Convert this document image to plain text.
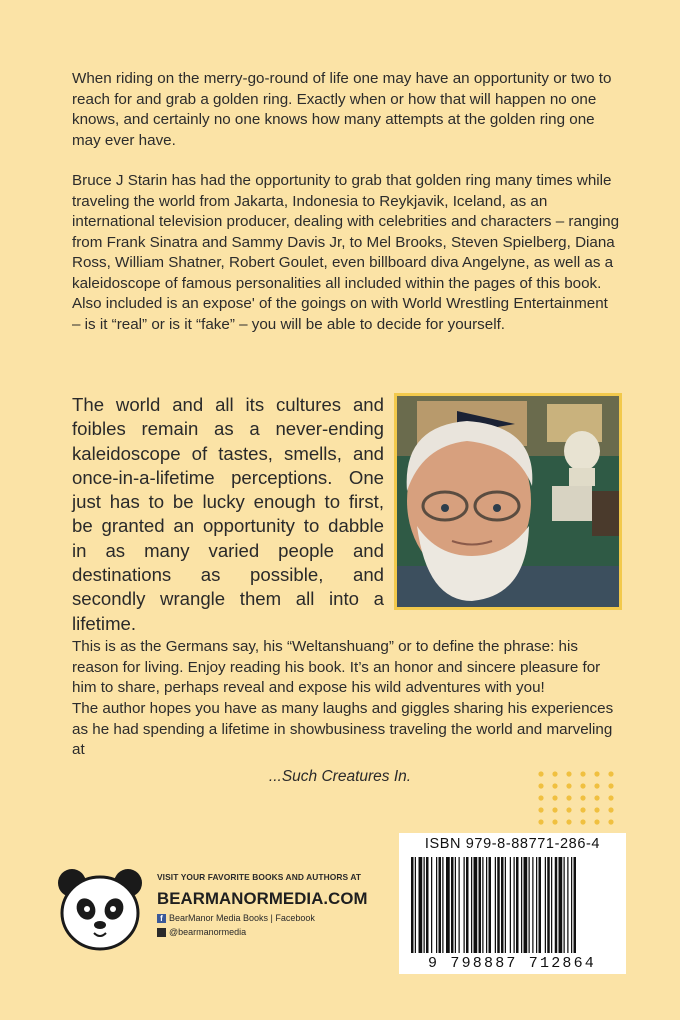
When riding on the merry-go-round of life one may have an opportunity or two to reach for and grab a golden ring. Exactly when or how that will happen no one knows, and certainly no one knows how many attempts at the golden ring one may ever have.

Bruce J Starin has had the opportunity to grab that golden ring many times while traveling the world from Jakarta, Indonesia to Reykjavik, Iceland, as an international television producer, dealing with celebrities and characters – ranging from Frank Sinatra and Sammy Davis Jr, to Mel Brooks, Steven Spielberg, Diana Ross, William Shatner, Robert Goulet, even billboard diva Angelyne, as well as a kaleidoscope of famous personalities all included within the pages of this book. Also included is an expose' of the goings on with World Wrestling Entertainment – is it “real” or is it “fake” – you will be able to decide for yourself.

The world and all its cultures and foibles remain as a never-ending kaleidoscope of tastes, smells, and once-in-a-lifetime perceptions. One just has to be lucky enough to first, be granted an opportunity to dabble in as many varied people and destinations as possible, and secondly wrangle them all into a lifetime.

This is as the Germans say, his “Weltanshuang” or to define the phrase: his reason for living. Enjoy reading his book. It’s an honor and sincere pleasure for him to share, perhaps reveal and expose his wild adventures with you!

The author hopes you have as many laughs and giggles sharing his experiences as he had spending a lifetime in showbusiness traveling the world and marveling at

...Such Creatures In.

VISIT YOUR FAVORITE BOOKS AND AUTHORS AT
BEARMANORMEDIA.COM
f BearManor Media Books | Facebook
@bearmanormedia
ISBN 979-8-88771-286-4
9 798887 712864
